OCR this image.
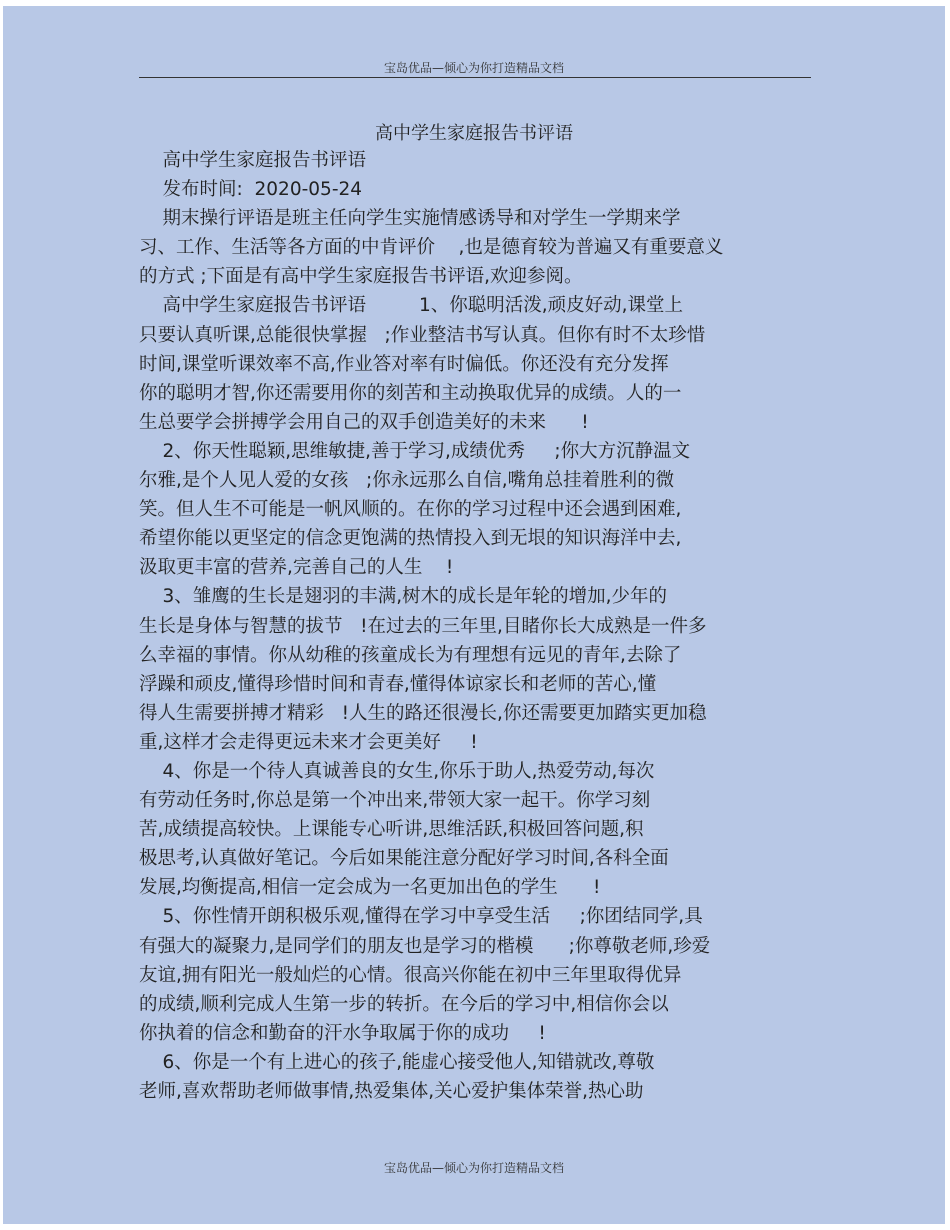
宝岛优品—倾心为你打造精品文档
高中学生家庭报告书评语
高中学生家庭报告书评语
发布时间:  2020-05-24
期末操行评语是班主任向学生实施情感诱导和对学生一学期来学
习、工作、生活等各方面的中肯评价    ,也是德育较为普遍又有重要意义
的方式 ;下面是有高中学生家庭报告书评语,欢迎参阅。
高中学生家庭报告书评语         1、你聪明活泼,顽皮好动,课堂上
只要认真听课,总能很快掌握   ;作业整洁书写认真。但你有时不太珍惜
时间,课堂听课效率不高,作业答对率有时偏低。你还没有充分发挥
你的聪明才智,你还需要用你的刻苦和主动换取优异的成绩。人的一
生总要学会拼搏学会用自己的双手创造美好的未来      !
2、你天性聪颖,思维敏捷,善于学习,成绩优秀     ;你大方沉静温文
尔雅,是个人见人爱的女孩   ;你永远那么自信,嘴角总挂着胜利的微
笑。但人生不可能是一帆风顺的。在你的学习过程中还会遇到困难,
希望你能以更坚定的信念更饱满的热情投入到无垠的知识海洋中去,
汲取更丰富的营养,完善自己的人生    !
3、雏鹰的生长是翅羽的丰满,树木的成长是年轮的增加,少年的
生长是身体与智慧的拔节   !在过去的三年里,目睹你长大成熟是一件多
么幸福的事情。你从幼稚的孩童成长为有理想有远见的青年,去除了
浮躁和顽皮,懂得珍惜时间和青春,懂得体谅家长和老师的苦心,懂
得人生需要拼搏才精彩   !人生的路还很漫长,你还需要更加踏实更加稳
重,这样才会走得更远未来才会更美好     !
4、你是一个待人真诚善良的女生,你乐于助人,热爱劳动,每次
有劳动任务时,你总是第一个冲出来,带领大家一起干。你学习刻
苦,成绩提高较快。上课能专心听讲,思维活跃,积极回答问题,积
极思考,认真做好笔记。今后如果能注意分配好学习时间,各科全面
发展,均衡提高,相信一定会成为一名更加出色的学生      !
5、你性情开朗积极乐观,懂得在学习中享受生活     ;你团结同学,具
有强大的凝聚力,是同学们的朋友也是学习的楷模      ;你尊敬老师,珍爱
友谊,拥有阳光一般灿烂的心情。很高兴你能在初中三年里取得优异
的成绩,顺利完成人生第一步的转折。在今后的学习中,相信你会以
你执着的信念和勤奋的汗水争取属于你的成功     !
6、你是一个有上进心的孩子,能虚心接受他人,知错就改,尊敬
老师,喜欢帮助老师做事情,热爱集体,关心爱护集体荣誉,热心助
宝岛优品—倾心为你打造精品文档
